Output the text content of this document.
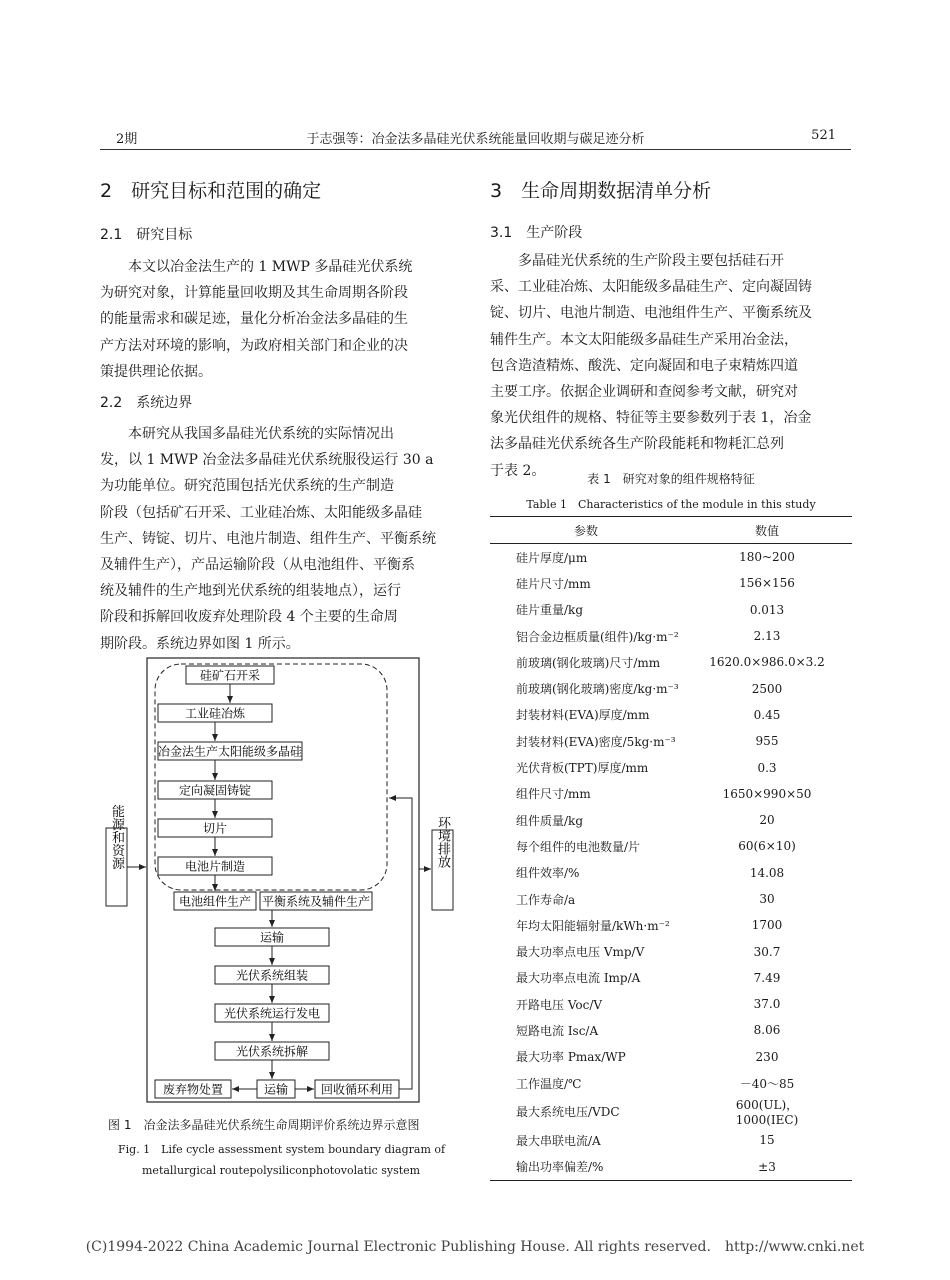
2期	于志强等：冶金法多晶硅光伏系统能量回收期与碳足迹分析	521
2　研究目标和范围的确定
2.1　研究目标
本文以冶金法生产的 1 MWP 多晶硅光伏系统
为研究对象，计算能量回收期及其生命周期各阶段
的能量需求和碳足迹，量化分析冶金法多晶硅的生
产方法对环境的影响，为政府相关部门和企业的决
策提供理论依据。
2.2　系统边界
本研究从我国多晶硅光伏系统的实际情况出
发，以 1 MWP 冶金法多晶硅光伏系统服役运行 30 a
为功能单位。研究范围包括光伏系统的生产制造
阶段（包括矿石开采、工业硅冶炼、太阳能级多晶硅
生产、铸锭、切片、电池片制造、组件生产、平衡系统
及辅件生产），产品运输阶段（从电池组件、平衡系
统及辅件的生产地到光伏系统的组装地点），运行
阶段和拆解回收废弃处理阶段 4 个主要的生命周
期阶段。系统边界如图 1 所示。
能源和资源	环境排放
硅矿石开采
工业硅冶炼
冶金法生产太阳能级多晶硅
定向凝固铸锭
切片
电池片制造
电池组件生产 平衡系统及辅件生产
运输
光伏系统组装
光伏系统运行发电
光伏系统拆解
废弃物处置	运输	回收循环利用
图 1　冶金法多晶硅光伏系统生命周期评价系统边界示意图
Fig. 1　Life cycle assessment system boundary diagram of
metallurgical routepolysiliconphotovolatic system
3　生命周期数据清单分析
3.1　生产阶段
多晶硅光伏系统的生产阶段主要包括硅石开
采、工业硅冶炼、太阳能级多晶硅生产、定向凝固铸
锭、切片、电池片制造、电池组件生产、平衡系统及
辅件生产。本文太阳能级多晶硅生产采用冶金法，
包含造渣精炼、酸洗、定向凝固和电子束精炼四道
主要工序。依据企业调研和查阅参考文献，研究对
象光伏组件的规格、特征等主要参数列于表 1，冶金
法多晶硅光伏系统各生产阶段能耗和物耗汇总列
于表 2。
表 1　研究对象的组件规格特征
Table 1　Characteristics of the module in this study
参数	数值
硅片厚度/μm	180~200
硅片尺寸/mm	156×156
硅片重量/kg	0.013
铝合金边框质量(组件)/kg·m⁻²	2.13
前玻璃(钢化玻璃)尺寸/mm	1620.0×986.0×3.2
前玻璃(钢化玻璃)密度/kg·m⁻³	2500
封装材料(EVA)厚度/mm	0.45
封装材料(EVA)密度/5kg·m⁻³	955
光伏背板(TPT)厚度/mm	0.3
组件尺寸/mm	1650×990×50
组件质量/kg	20
每个组件的电池数量/片	60(6×10)
组件效率/%	14.08
工作寿命/a	30
年均太阳能辐射量/kWh·m⁻²	1700
最大功率点电压 Vmp/V	30.7
最大功率点电流 Imp/A	7.49
开路电压 Voc/V	37.0
短路电流 Isc/A	8.06
最大功率 Pmax/WP	230
工作温度/℃	－40～85
最大系统电压/VDC	600(UL)，
1000(IEC)
最大串联电流/A	15
输出功率偏差/%	±3
(C)1994-2022 China Academic Journal Electronic Publishing House. All rights reserved.　http://www.cnki.net
